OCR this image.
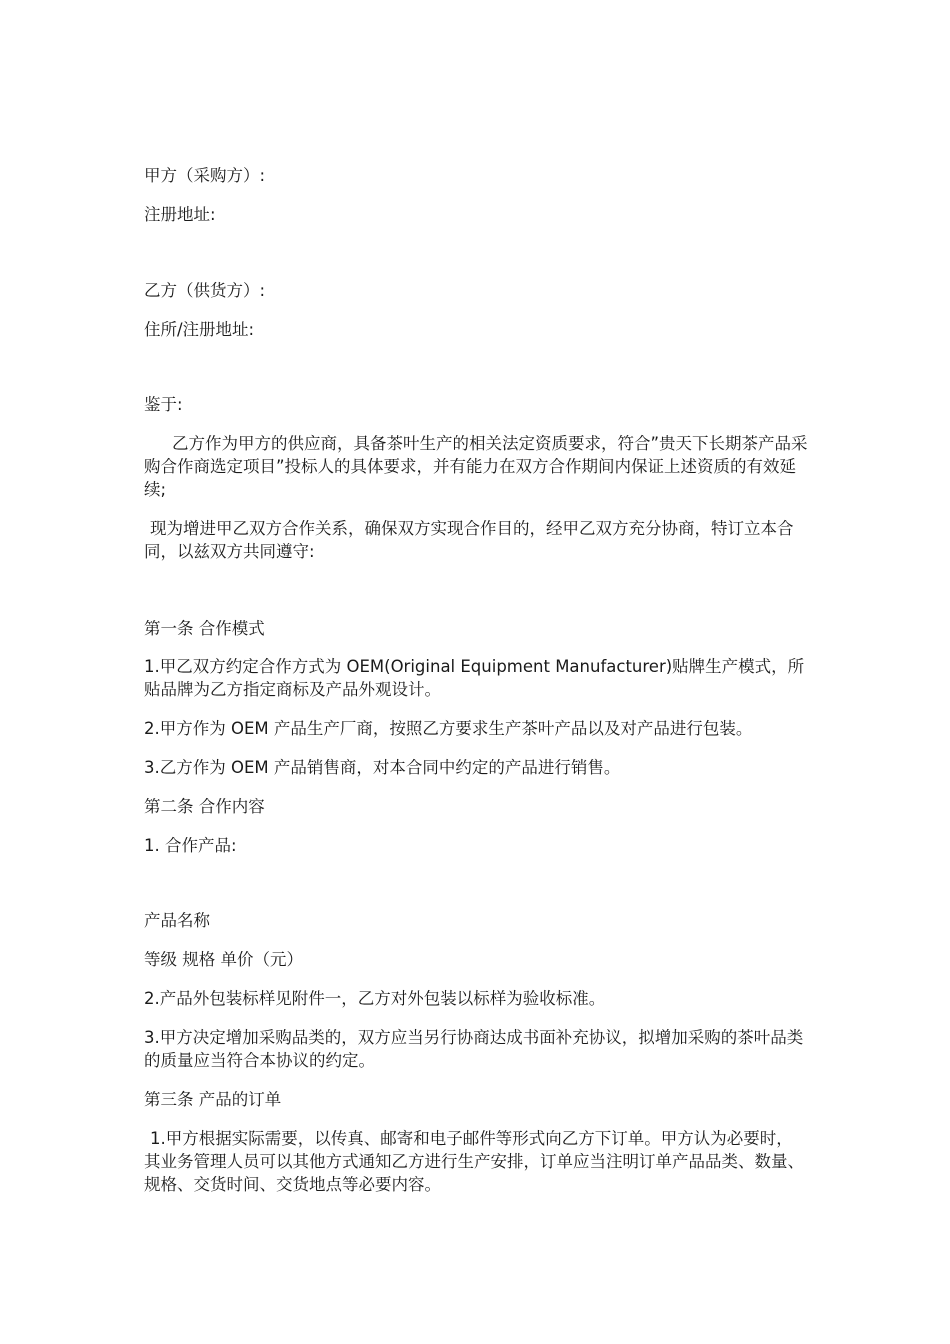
甲方（采购方）:

注册地址:

乙方（供货方）:

住所/注册地址:

鉴于:

乙方作为甲方的供应商，具备茶叶生产的相关法定资质要求，符合”贵天下长期茶产品采购合作商选定项目”投标人的具体要求，并有能力在双方合作期间内保证上述资质的有效延续;

现为增进甲乙双方合作关系，确保双方实现合作目的，经甲乙双方充分协商，特订立本合同，以兹双方共同遵守:

第一条 合作模式

1.甲乙双方约定合作方式为 OEM(Original Equipment Manufacturer)贴牌生产模式，所贴品牌为乙方指定商标及产品外观设计。

2.甲方作为 OEM 产品生产厂商，按照乙方要求生产茶叶产品以及对产品进行包装。

3.乙方作为 OEM 产品销售商，对本合同中约定的产品进行销售。

第二条 合作内容

1. 合作产品:

产品名称

等级 规格 单价（元）

2.产品外包装标样见附件一，乙方对外包装以标样为验收标准。

3.甲方决定增加采购品类的，双方应当另行协商达成书面补充协议，拟增加采购的茶叶品类的质量应当符合本协议的约定。

第三条 产品的订单

1.甲方根据实际需要，以传真、邮寄和电子邮件等形式向乙方下订单。甲方认为必要时，其业务管理人员可以其他方式通知乙方进行生产安排，订单应当注明订单产品品类、数量、规格、交货时间、交货地点等必要内容。
